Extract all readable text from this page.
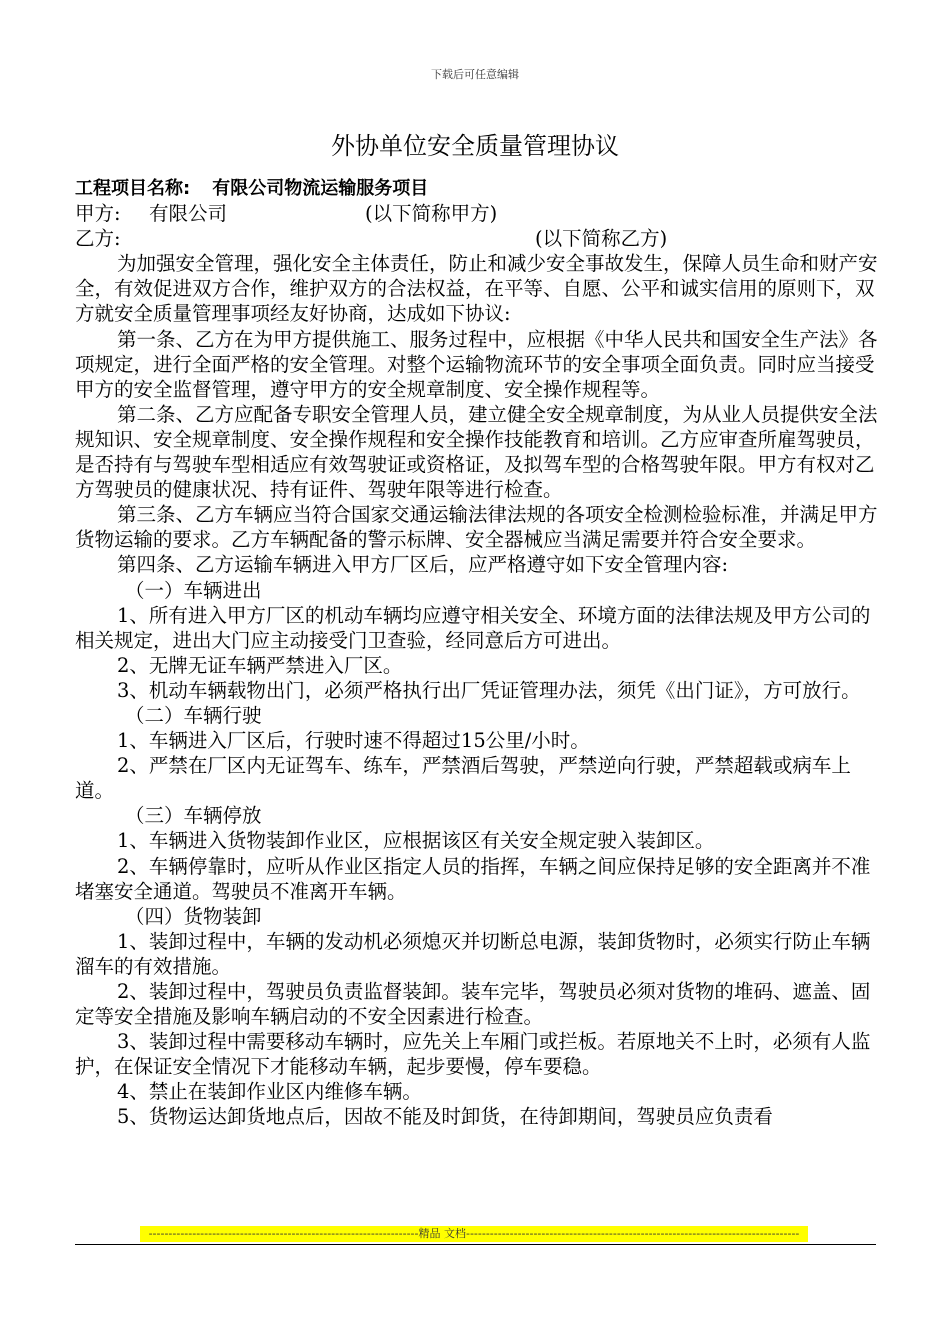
下载后可任意编辑
外协单位安全质量管理协议

工程项目名称: 有限公司物流运输服务项目

甲方: 有限公司	(以下简称甲方)
乙方:	(以下简称乙方)

为加强安全管理，强化安全主体责任，防止和减少安全事故发生，保障人员生命和财产安全，有效促进双方合作，维护双方的合法权益，在平等、自愿、公平和诚实信用的原则下，双方就安全质量管理事项经友好协商，达成如下协议:

第一条、乙方在为甲方提供施工、服务过程中，应根据《中华人民共和国安全生产法》各项规定，进行全面严格的安全管理。对整个运输物流环节的安全事项全面负责。同时应当接受甲方的安全监督管理，遵守甲方的安全规章制度、安全操作规程等。

第二条、乙方应配备专职安全管理人员，建立健全安全规章制度，为从业人员提供安全法规知识、安全规章制度、安全操作规程和安全操作技能教育和培训。乙方应审查所雇驾驶员，是否持有与驾驶车型相适应有效驾驶证或资格证，及拟驾车型的合格驾驶年限。甲方有权对乙方驾驶员的健康状况、持有证件、驾驶年限等进行检查。

第三条、乙方车辆应当符合国家交通运输法律法规的各项安全检测检验标准，并满足甲方货物运输的要求。乙方车辆配备的警示标牌、安全器械应当满足需要并符合安全要求。

第四条、乙方运输车辆进入甲方厂区后，应严格遵守如下安全管理内容:

（一）车辆进出

1、所有进入甲方厂区的机动车辆均应遵守相关安全、环境方面的法律法规及甲方公司的相关规定，进出大门应主动接受门卫查验，经同意后方可进出。

2、无牌无证车辆严禁进入厂区。

3、机动车辆载物出门，必须严格执行出厂凭证管理办法，须凭《出门证》，方可放行。

（二）车辆行驶

1、车辆进入厂区后，行驶时速不得超过15公里/小时。

2、严禁在厂区内无证驾车、练车，严禁酒后驾驶，严禁逆向行驶，严禁超载或病车上道。

（三）车辆停放

1、车辆进入货物装卸作业区，应根据该区有关安全规定驶入装卸区。

2、车辆停靠时，应听从作业区指定人员的指挥，车辆之间应保持足够的安全距离并不准堵塞安全通道。驾驶员不准离开车辆。

（四）货物装卸

1、装卸过程中，车辆的发动机必须熄灭并切断总电源，装卸货物时，必须实行防止车辆溜车的有效措施。

2、装卸过程中，驾驶员负责监督装卸。装车完毕，驾驶员必须对货物的堆码、遮盖、固定等安全措施及影响车辆启动的不安全因素进行检查。

3、装卸过程中需要移动车辆时，应先关上车厢门或拦板。若原地关不上时，必须有人监护，在保证安全情况下才能移动车辆，起步要慢，停车要稳。

4、禁止在装卸作业区内维修车辆。

5、货物运达卸货地点后，因故不能及时卸货，在待卸期间，驾驶员应负责看

--------------------------------------------------------------------精品 文档------------------------------------------------------------------------------------
